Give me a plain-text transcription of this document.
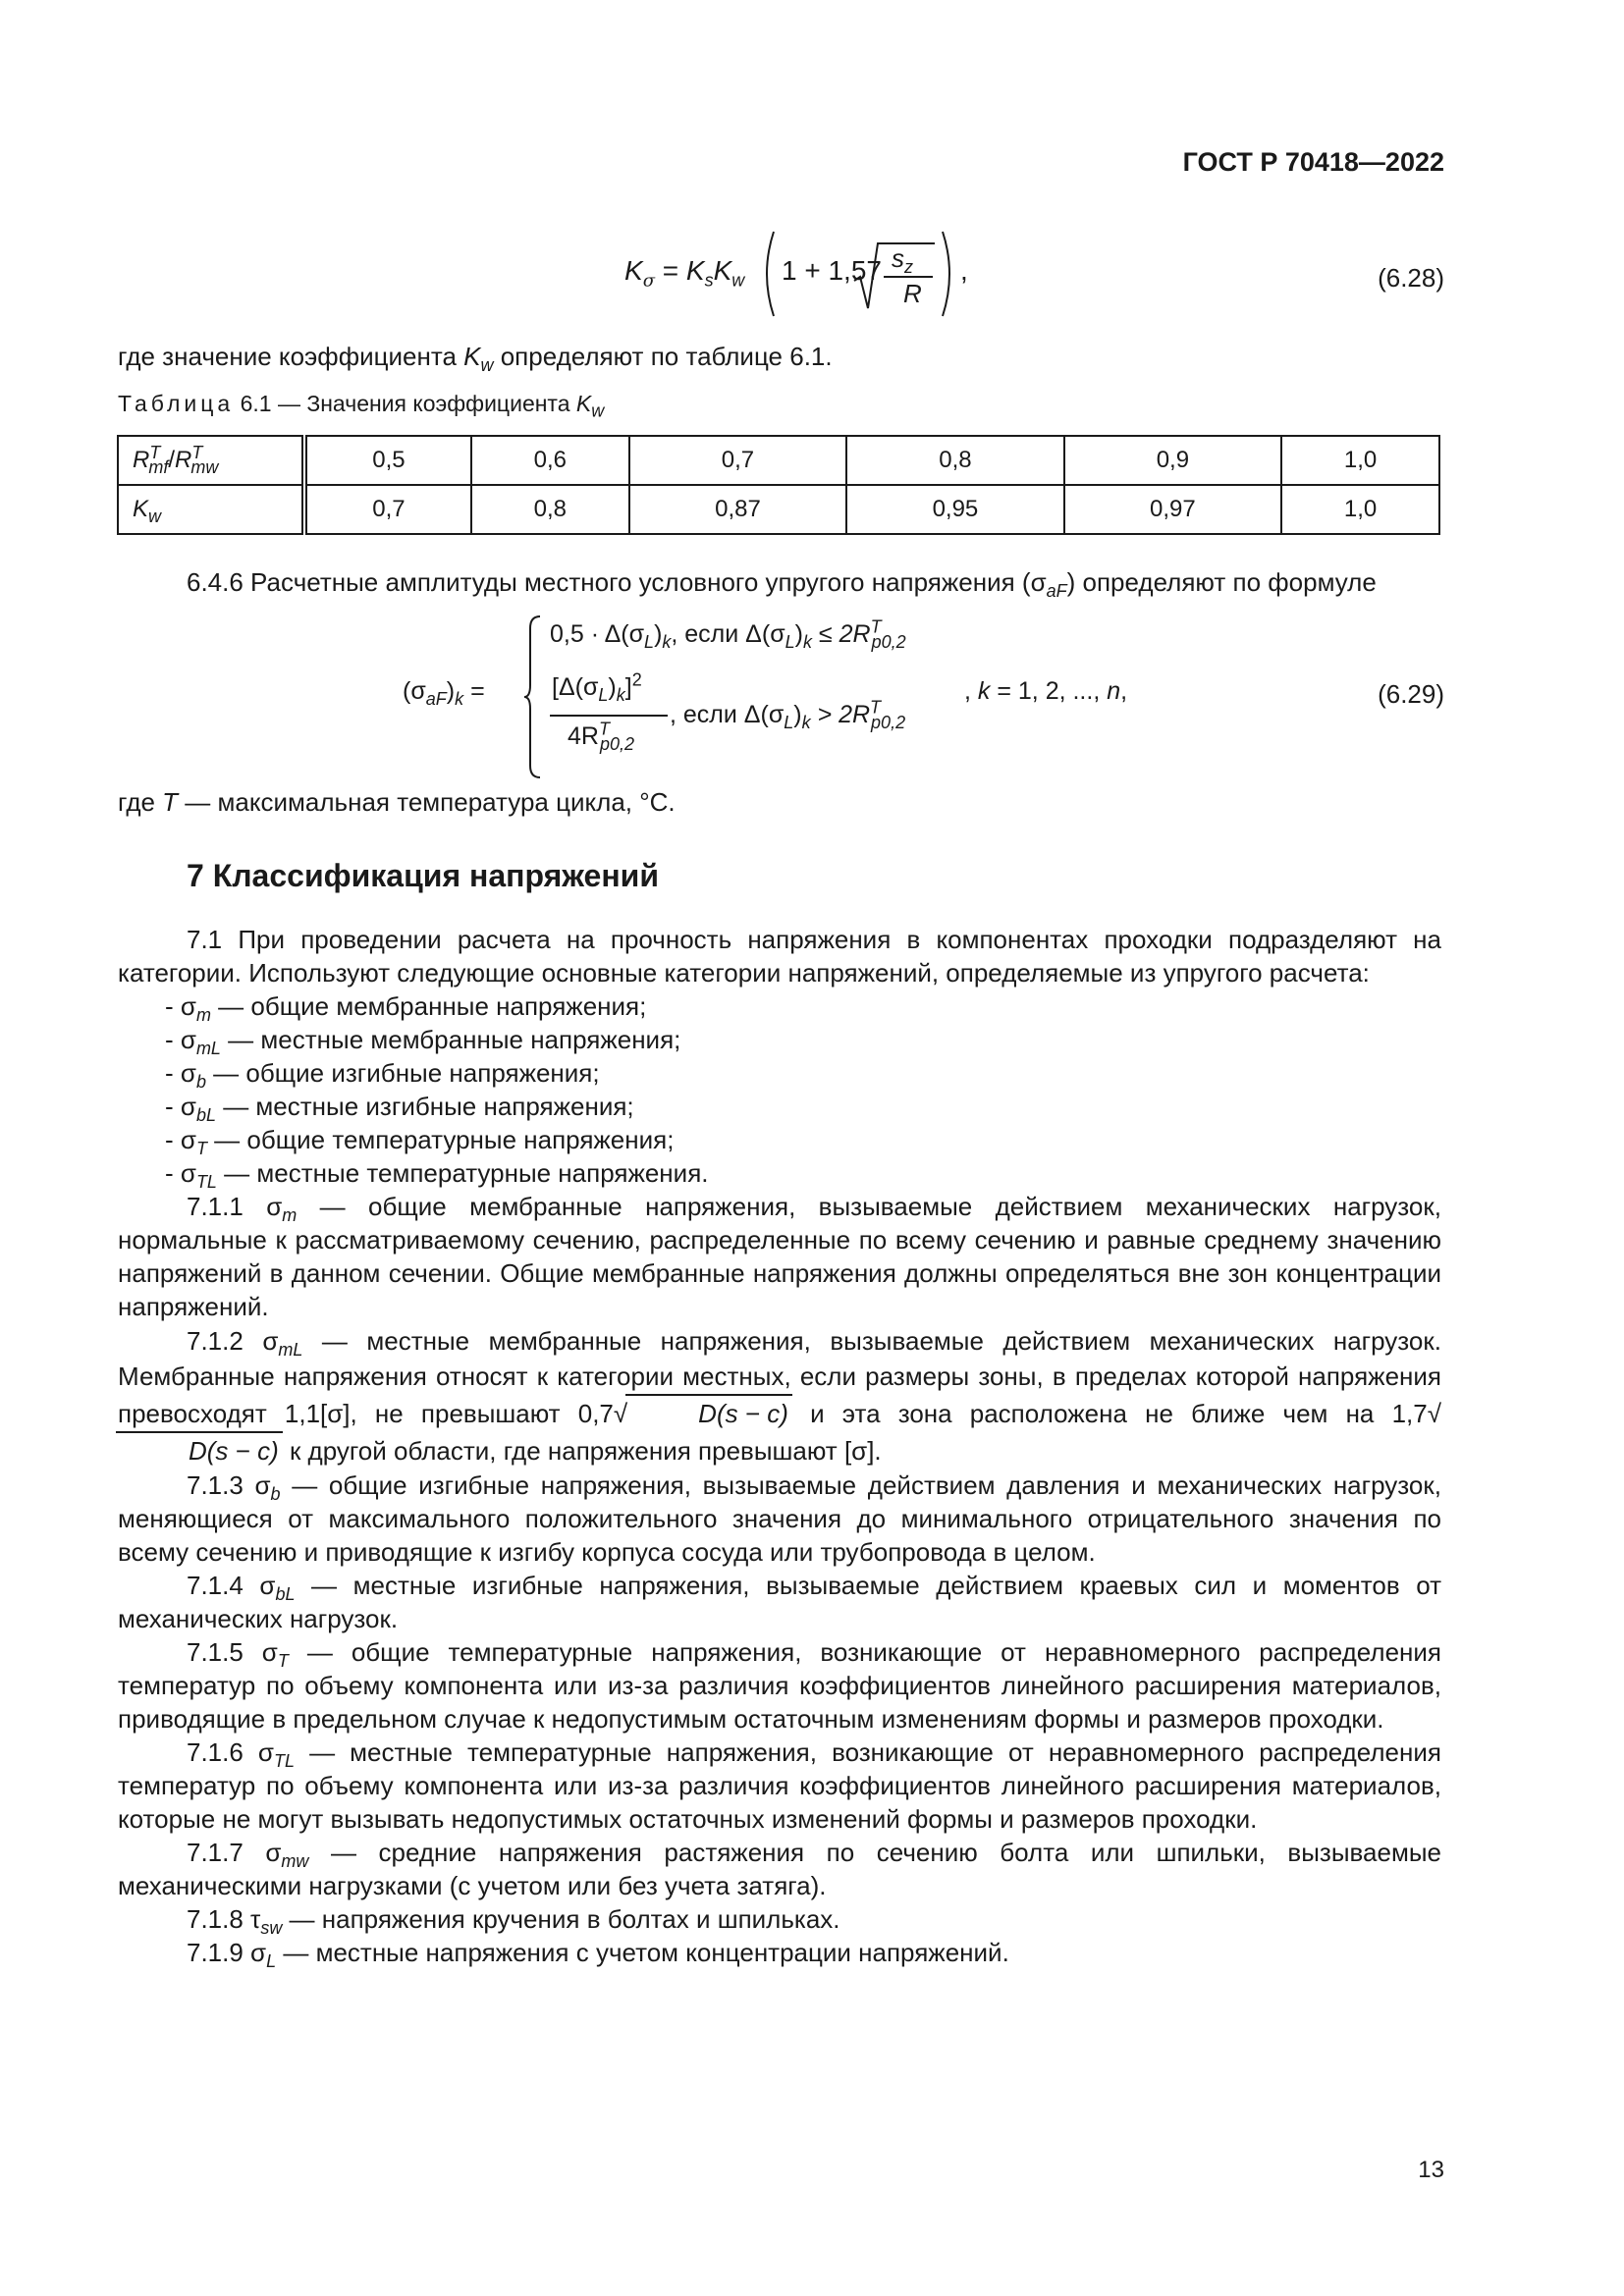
ГОСТ Р 70418—2022
$K_\sigma = K_sK_w$ 1 + 1,57 $s_z$
R
,	(6.28)
где значение коэффициента $K_w$ определяют по таблице 6.1.
Таблица 6.1 — Значения коэффициента $K_w$
$R^T_{mf}/R^T_{mw}$	0,5	0,6	0,7	0,8	0,9	1,0
$K_w$	0,7	0,8	0,87	0,95	0,97	1,0
6.4.6 Расчетные амплитуды местного условного упругого напряжения $(\sigma_{aF})$ определяют по формуле
$(\sigma_{aF})_k$ =
$0,5 \cdot \Delta(\sigma_L)_k$, если $\Delta(\sigma_L)_k \le 2R^T_{p0,2}$
$[\Delta(\sigma_L)_k]^2$
$4R^T_{p0,2}$
, если $\Delta(\sigma_L)_k > 2R^T_{p0,2}$
, k = 1, 2, ..., n,	(6.29)
где T — максимальная температура цикла, °С.
7 Классификация напряжений

7.1 При проведении расчета на прочность напряжения в компонентах проходки подразделяют на категории. Используют следующие основные категории напряжений, определяемые из упругого расчета:

- $\sigma_m$ — общие мембранные напряжения;

- $\sigma_{mL}$ — местные мембранные напряжения;

- $\sigma_b$ — общие изгибные напряжения;

- $\sigma_{bL}$ — местные изгибные напряжения;

- $\sigma_T$ — общие температурные напряжения;

- $\sigma_{TL}$ — местные температурные напряжения.

7.1.1 $\sigma_m$ — общие мембранные напряжения, вызываемые действием механических нагрузок, нормальные к рассматриваемому сечению, распределенные по всему сечению и равные среднему значению напряжений в данном сечении. Общие мембранные напряжения должны определяться вне зон концентрации напряжений.

7.1.2 $\sigma_{mL}$ — местные мембранные напряжения, вызываемые действием механических нагрузок. Мембранные напряжения относят к категории местных, если размеры зоны, в пределах которой напряжения превосходят 1,1[σ], не превышают 0,7√	D(s − c) и эта зона расположена не ближе чем на 1,7√D(s − c) к другой области, где напряжения превышают [σ].

7.1.3 $\sigma_b$ — общие изгибные напряжения, вызываемые действием давления и механических нагрузок, меняющиеся от максимального положительного значения до минимального отрицательного значения по всему сечению и приводящие к изгибу корпуса сосуда или трубопровода в целом.

7.1.4 $\sigma_{bL}$ — местные изгибные напряжения, вызываемые действием краевых сил и моментов от механических нагрузок.

7.1.5 $\sigma_T$ — общие температурные напряжения, возникающие от неравномерного распределения температур по объему компонента или из-за различия коэффициентов линейного расширения материалов, приводящие в предельном случае к недопустимым остаточным изменениям формы и размеров проходки.

7.1.6 $\sigma_{TL}$ — местные температурные напряжения, возникающие от неравномерного распределения температур по объему компонента или из-за различия коэффициентов линейного расширения материалов, которые не могут вызывать недопустимых остаточных изменений формы и размеров проходки.

7.1.7 $\sigma_{mw}$ — средние напряжения растяжения по сечению болта или шпильки, вызываемые механическими нагрузками (с учетом или без учета затяга).

7.1.8 $\tau_{sw}$ — напряжения кручения в болтах и шпильках.

7.1.9 $\sigma_L$ — местные напряжения с учетом концентрации напряжений.

13
